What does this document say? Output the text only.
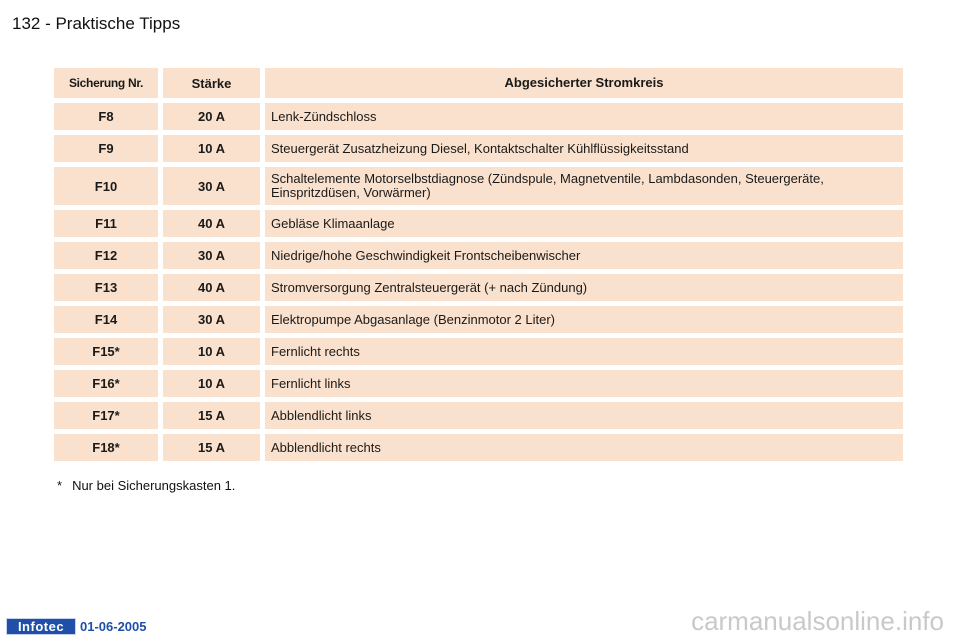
132 - Praktische Tipps
Sicherung Nr.	Stärke	Abgesicherter Stromkreis
F8	20 A	Lenk-Zündschloss
F9	10 A	Steuergerät Zusatzheizung Diesel, Kontaktschalter Kühlflüssigkeitsstand
F10	30 A	Schaltelemente Motorselbstdiagnose (Zündspule, Magnetventile, Lambdasonden, Steuergeräte, Einspritzdüsen, Vorwärmer)
F11	40 A	Gebläse Klimaanlage
F12	30 A	Niedrige/hohe Geschwindigkeit Frontscheibenwischer
F13	40 A	Stromversorgung Zentralsteuergerät (+ nach Zündung)
F14	30 A	Elektropumpe Abgasanlage (Benzinmotor 2 Liter)
F15*	10 A	Fernlicht rechts
F16*	10 A	Fernlicht links
F17*	15 A	Abblendlicht links
F18*	15 A	Abblendlicht rechts
* Nur bei Sicherungskasten 1.
Infotec	01-06-2005	carmanualsonline.info
